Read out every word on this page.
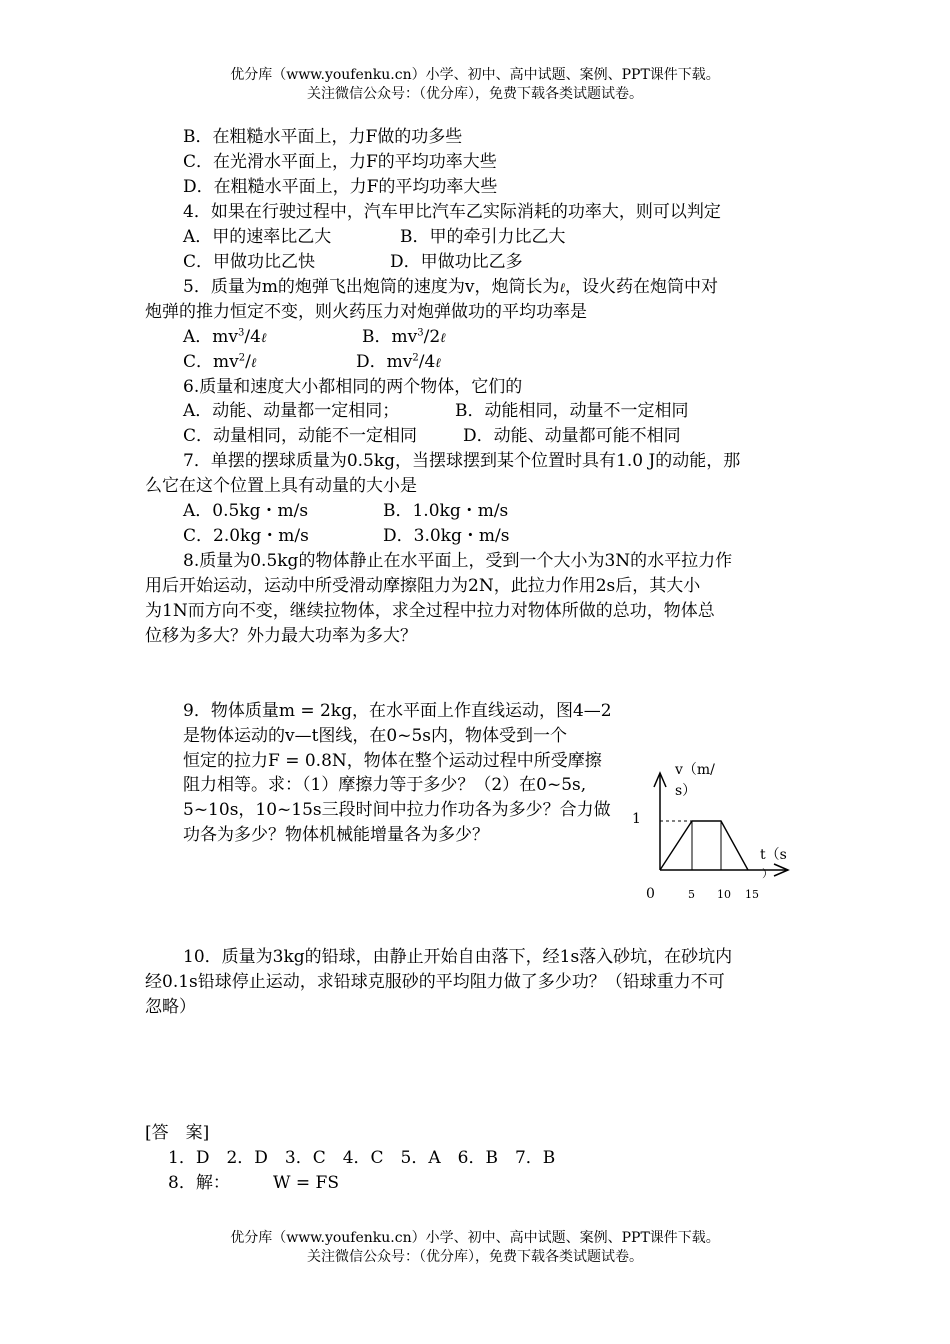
优分库（www.youfenku.cn）小学、初中、高中试题、案例、PPT课件下载。
关注微信公众号：（优分库），免费下载各类试题试卷。
B．在粗糙水平面上，力F做的功多些
C．在光滑水平面上，力F的平均功率大些
D．在粗糙水平面上，力F的平均功率大些
4．如果在行驶过程中，汽车甲比汽车乙实际消耗的功率大，则可以判定
A．甲的速率比乙大	B．甲的牵引力比乙大
C．甲做功比乙快	D．甲做功比乙多
5．质量为m的炮弹飞出炮筒的速度为v，炮筒长为ℓ，设火药在炮筒中对
炮弹的推力恒定不变，则火药压力对炮弹做功的平均功率是
A．$mv^3/4\ell$	B．$mv^3/2\ell$
C．$mv^2/\ell$	D．$mv^2/4\ell$
6.质量和速度大小都相同的两个物体，它们的
A．动能、动量都一定相同；	B．动能相同，动量不一定相同
C．动量相同，动能不一定相同	D．动能、动量都可能不相同
7．单摆的摆球质量为0.5kg，当摆球摆到某个位置时具有1.0 J的动能，那
么它在这个位置上具有动量的大小是
A．0.5kg・m/s	B．1.0kg・m/s
C．2.0kg・m/s	D．3.0kg・m/s
8.质量为0.5kg的物体静止在水平面上，受到一个大小为3N的水平拉力作
用后开始运动，运动中所受滑动摩擦阻力为2N，此拉力作用2s后，其大小
为1N而方向不变，继续拉物体，求全过程中拉力对物体所做的总功，物体总
位移为多大？外力最大功率为多大？
9．物体质量m = 2kg，在水平面上作直线运动，图4—2
是物体运动的v—t图线，在0~5s内，物体受到一个
恒定的拉力F = 0.8N，物体在整个运动过程中所受摩擦
阻力相等。求：（1）摩擦力等于多少？（2）在0~5s,
5~10s，10~15s三段时间中拉力作功各为多少？合力做
功各为多少？物体机械能增量各为多少？
v（m/
s）
1
t（s
）
0	5 10 15
10．质量为3kg的铅球，由静止开始自由落下，经1s落入砂坑，在砂坑内
经0.1s铅球停止运动，求铅球克服砂的平均阻力做了多少功？（铅球重力不可
忽略）
[答　案]
1．D　2．D　3．C　4．C　5．A　6．B　7．B
8．解：	W = FS
优分库（www.youfenku.cn）小学、初中、高中试题、案例、PPT课件下载。
关注微信公众号：（优分库），免费下载各类试题试卷。
